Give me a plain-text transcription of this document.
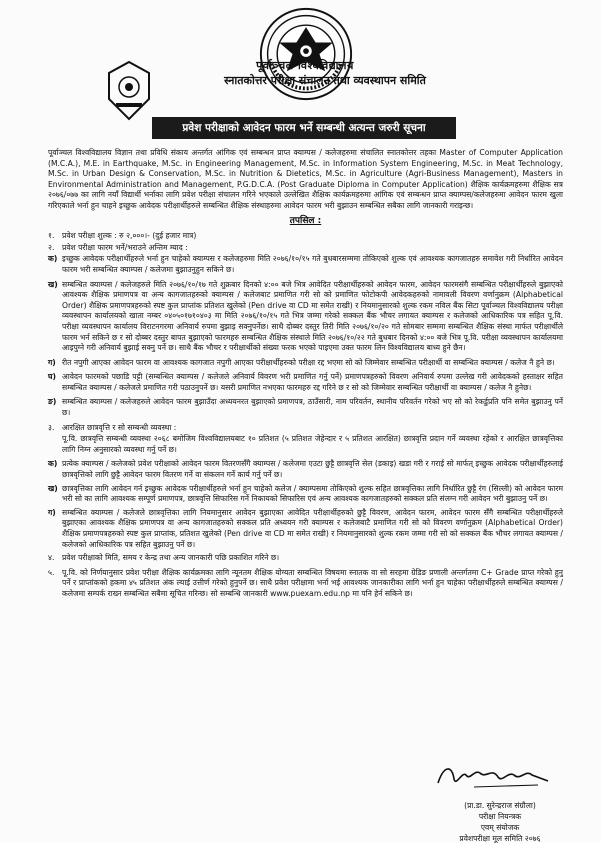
पूर्वाञ्चल विश्वविद्यालय
स्नातकोत्तर परीक्षा संचालन तथा व्यवस्थापन समिति
प्रवेश परीक्षाको आवेदन फारम भर्ने सम्बन्धी अत्यन्त जरुरी सूचना

पूर्वाञ्चल विश्वविद्यालय विज्ञान तथा प्रविधि संकाय अन्तर्गत आंगिक एवं सम्बन्धन प्राप्त क्याम्पस / कलेजहरुमा संचालित स्नातकोत्तर तहका Master of Computer Application (M.C.A.), M.E. in Earthquake, M.Sc. in Engineering Management, M.Sc. in Information System Engineering, M.Sc. in Meat Technology, M.Sc. in Urban Design & Conservation, M.Sc. in Nutrition & Dietetics, M.Sc. in Agriculture (Agri-Business Management), Masters in Environmental Administration and Management, P.G.D.C.A. (Post Graduate Diploma in Computer Application) शैक्षिक कार्यक्रमहरुमा शैक्षिक सत्र २०७६/०७७ का लागि नयाँ विद्यार्थी भर्नाका लागि प्रवेश परीक्षा संचालन गरिने भएकाले उल्लेखित शैक्षिक कार्यक्रमहरुमा आंगिक एवं सम्बन्धन प्राप्त क्याम्पस/कलेजहरुमा आवेदन फारम खुला गरिएकाले भर्ना हुन चाहने इच्छुक आवेदक परीक्षार्थीहरुले सम्बन्धित शैक्षिक संस्थाहरुमा आवेदन फारम भरी बुझाउन सम्बन्धित सबैका लागि जानकारी गराइन्छ।

तपसिल :
१.	प्रवेश परीक्षा शुल्क : रु २,०००।- (दुई हजार मात्र)
२.	प्रवेश परीक्षा फारम भर्ने/भराउने अन्तिम म्याद :
क) इच्छुक आवेदक परीक्षार्थीहरुले भर्ना हुन चाहेको क्याम्पस र कलेजहरुमा मिति २०७६/१०/१५ गते बुधबारसम्ममा तोकिएको शुल्क एवं आवश्यक कागजातहरु समावेश गरी निर्धारित आवेदन फारम भरी सम्बन्धित क्याम्पस / कलेजमा बुझाउनुहुन सकिने छ।
ख) सम्बन्धित क्याम्पस / कलेजहरुले मिति २०७६/१०/१७ गते शुक्रबार दिनको ४:०० बजे भित्र आवेदित परीक्षार्थीहरुको आवेदन फारम, आवेदन फारमसंगै सम्बन्धित परीक्षार्थीहरुले बुझाएको आवश्यक शैक्षिक प्रमाणपत्र वा अन्य कागजातहरुको क्याम्पस / कलेजबाट प्रमाणित गरी सो को प्रमाणित फोटोकपी आवेदकहरुको नामावली विवरण वर्णानुक्रम (Alphabetical Order) शैक्षिक प्रमाणपत्रहरुको स्पष्ट कुल प्राप्तांक प्रतिशत खुलेको (Pen drive वा CD मा समेत राखी) र नियमानुसारको शुल्क रकम नविल बैंक सिटा पूर्वाञ्चल विश्वविद्यालय परीक्षा व्यवस्थापन कार्यालयको खाता नम्बर ०४०५०१७१०४०३ मा मिति २०७६/१०/१५ गते भित्र जम्मा गरेको सक्कल बैंक भौचर लगायत क्याम्पस र कलेजको आधिकारिक पत्र सहित पू.वि. परीक्षा व्यवस्थापन कार्यालय विराटनगरमा अनिवार्य रुपमा बुझाइ सक्नुपर्नेछ। साथै दोब्बर दस्तुर तिरी मिति २०७६/१०/२० गते सोमबार सम्ममा सम्बन्धित शैक्षिक संस्था मार्फत परीक्षार्थीले फारम भर्न सकिने छ र सो दोब्बर दस्तुर बापत बुझाएको फारमहरु सम्बन्धित शैक्षिक संस्थाले मिति २०७६/१०/२२ गते बुधबार दिनको ४:०० बजे भित्र पू.वि. परीक्षा व्यवस्थापन कार्यालयमा आइपुग्ने गरी अनिवार्य बुझाई सक्नु पर्ने छ। साथै बैंक भौचर र परीक्षार्थीको संख्या फरक भएको पाइएमा उक्त फारम लिन विश्वविद्यालय बाध्य हुने छैन।
ग) रीत नपुगी आएका आवेदन फारम वा आवश्यक कागजात नपुगी आएका परीक्षार्थीहरुको परीक्षा रद्द भएमा सो को जिम्मेवार सम्बन्धित परीक्षार्थी वा सम्बन्धित क्याम्पस / कलेज नै हुने छ।
घ) आवेदन फारमको पछाडि पट्टी (सम्बन्धित क्याम्पस / कलेजले अनिवार्य विवरण भरी प्रमाणित गर्नु पर्ने) प्रमाणपत्रहरुको विवरण अनिवार्य रुपमा उल्लेख गरी आवेदकको हस्ताक्षर सहित सम्बन्धित क्याम्पस / कलेजले प्रमाणित गरी पठाउनुपर्ने छ। यसरी प्रमाणित नभएका फारमहरु रद्द गरिने छ र सो को जिम्मेवार सम्बन्धित परीक्षार्थी वा क्याम्पस / कलेज नै हुनेछ।
ङ) सम्बन्धित क्याम्पस / कलेजहरुले आवेदन फारम बुझाउँदा अध्ययनरत बुझाएको प्रमाणपत्र, ठाउँसारी, नाम परिवर्तन, स्थानीय परिवर्तन गरेको भए सो को रेकर्डुप्रति पनि समेत बुझाउनु पर्ने छ।
३.	आरक्षित छात्रवृत्ति र सो सम्बन्धी व्यवस्था :
पू.वि. छात्रवृत्ति सम्बन्धी व्यवस्था २०६८ बमोजिम विश्वविद्यालयबाट १० प्रतिशत (५ प्रतिशत जेहेन्दार र ५ प्रतिशत आरक्षित) छात्रवृत्ति प्रदान गर्ने व्यवस्था रहेको र आरक्षित छात्रवृत्तिका लागि निम्न अनुसारको व्यवस्था गर्नु पर्ने छ।
क) प्रत्येक क्याम्पस / कलेजको प्रवेश परीक्षाको आवेदन फारम वितरणसँगै क्याम्पस / कलेजमा एउटा छुट्टै छात्रवृत्ति सेल (डकाइ) खडा गरी र गराई सो मार्फत् इच्छुक आवेदक परीक्षार्थीहरुलाई छात्रवृत्तिको लागि छुट्टै आवेदन फारम वितरण गर्ने वा संकलन गर्ने कार्य गर्नु पर्ने छ।
ख) छात्रवृत्तिका लागि आवेदन गर्न इच्छुक आवेदक परीक्षार्थीहरुले भर्ना हुन चाहेको कलेज / क्याम्पसमा तोकिएको शुल्क सहित छात्रवृत्तिका लागि निर्धारित छुट्टै रंग (सिल्ली) को आवेदन फारम भरी सो का लागि आवश्यक सम्पूर्ण प्रमाणपत्र, छात्रवृत्ति सिफारिस गर्ने निकायको सिफारिस एवं अन्य आवश्यक कागजातहरुको सक्कल प्रति संलग्न गरी आवेदन भरी बुझाउनु पर्ने छ।
ग) सम्बन्धित क्याम्पस / कलेजले छात्रवृत्तिका लागि नियमानुसार आवेदन बुझाएका आवेदित परीक्षार्थीहरुको छुट्टै विवरण, आवेदन फारम, आवेदन फारम सँगै सम्बन्धित परीक्षार्थीहरुले बुझाएका आवश्यक शैक्षिक प्रमाणपत्र वा अन्य कागजातहरुको सक्कल प्रति अध्ययन गरी क्याम्पस र कलेजबाटै प्रमाणित गरी सो को विवरण वर्णानुक्रम (Alphabetical Order) शैक्षिक प्रमाणपत्रहरुको स्पष्ट कुल प्राप्तांक, प्रतिशत खुलेको (Pen drive वा CD मा समेत राखी) र नियमानुसारको शुल्क रकम जम्मा गरी सो को सक्कल बैंक भौचर लगायत क्याम्पस / कलेजको आधिकारिक पत्र सहित बुझाउनु पर्ने छ।
४.	प्रवेश परीक्षाको मिति, समय र केन्द्र तथा अन्य जानकारी पछि प्रकाशित गरिने छ।
५.	पू.वि. को निर्णयानुसार प्रवेश परीक्षा शैक्षिक कार्यक्रमका लागि न्यूनतम शैक्षिक योग्यता सम्बन्धित विषयमा स्नातक वा सो सरहमा ग्रेडिङ प्रणाली अन्तर्गतमा C+ Grade प्राप्त गरेको हुनु पर्ने र प्राप्तांकको हकमा ४५ प्रतिशत अंक ल्याई उत्तीर्ण गरेको हुनुपर्ने छ। साथै प्रवेश परीक्षामा भर्ना भई आवश्यक जानकारीका लागि भर्ना हुन चाहेका परीक्षार्थीहरुले सम्बन्धित क्याम्पस / कलेजमा सम्पर्क राख्न सम्बन्धित सबैमा सूचित गरिन्छ। सो सम्बन्धि जानकारी www.puexam.edu.np मा पनि हेर्न सकिने छ।
(प्रा.डा. सुरेन्द्रराज संग्रौला)
परीक्षा नियन्त्रक
एवम् संयोजक
प्रवेशपरीक्षा मूल समिति २०७६
